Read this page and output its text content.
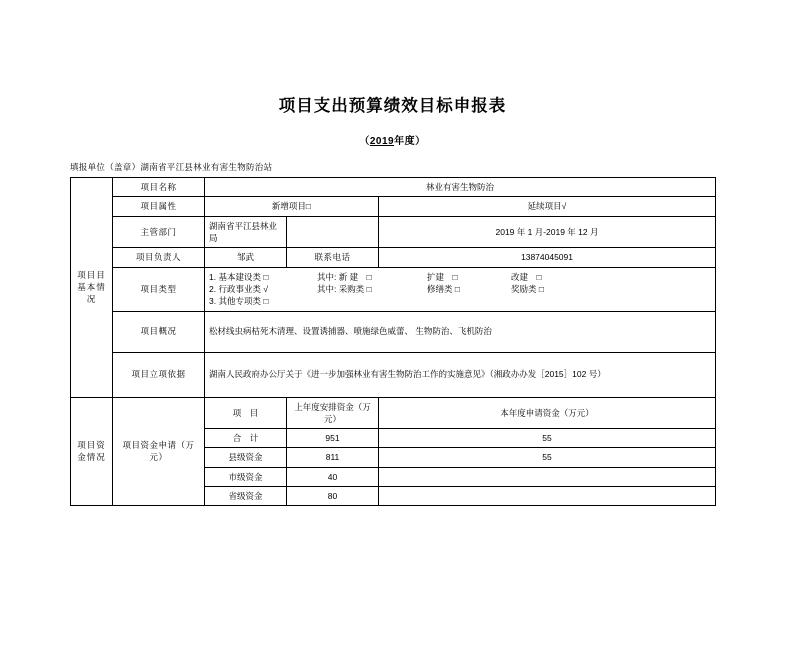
项目支出预算绩效目标申报表
（2019年度）
填报单位（盖章）湖南省平江县林业有害生物防治站
项目目基本情况	项目名称	林业有害生物防治		
	项目属性	新增项目□		延续项目√
	主管部门	湖南省平江县林业局		2019 年 1 月-2019 年 12 月
	项目负责人	邹武	联系电话	13874045091
	项目类型	1. 基本建设类 □ 其中: 新 建　□ 扩建　□ 改建　□
2. 行政事业类 √ 其中: 采购类 □ 修缮类 □ 奖励类 □
3. 其他专项类 □		

	项目概况	松材线虫病枯死木清理、设置诱捕器、喷施绿色威蕾、 生物防治、飞机防治		
	项目立项依据	湖南人民政府办公厅关于《进一步加强林业有害生物防治工作的实施意见》（湘政办办发［2015］102 号）		
项目资金情况	项目资金申请（万元）	项　目	上年度安排资金（万元）	本年度申请资金（万元）
		合　计	951	55
		县级资金	811	55
		市级资金	40	
		省级资金	80	
